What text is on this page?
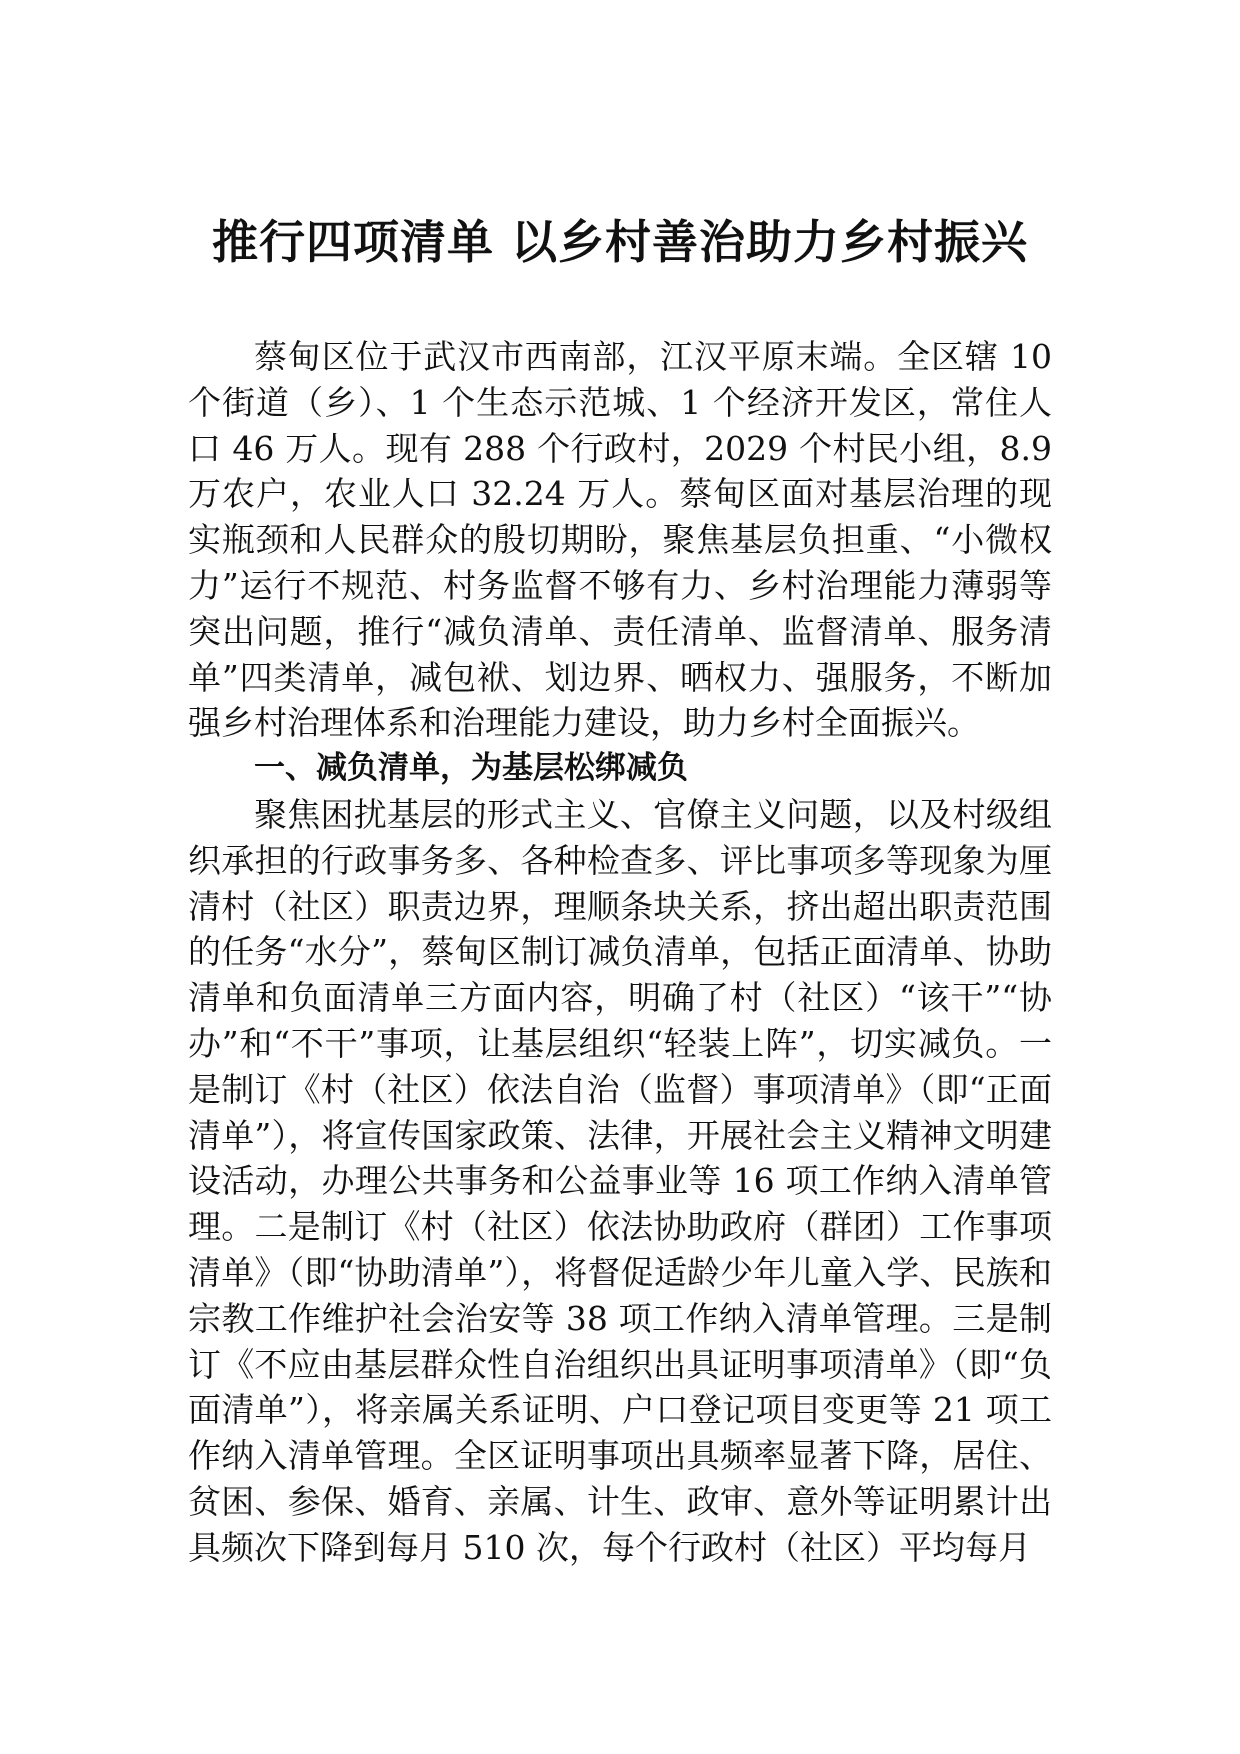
推行四项清单 以乡村善治助力乡村振兴

蔡甸区位于武汉市西南部，江汉平原末端。全区辖 10 个街道（乡）、1 个生态示范城、1 个经济开发区，常住人口 46 万人。现有 288 个行政村，2029 个村民小组，8.9 万农户，农业人口 32.24 万人。蔡甸区面对基层治理的现实瓶颈和人民群众的殷切期盼，聚焦基层负担重、“小微权力”运行不规范、村务监督不够有力、乡村治理能力薄弱等突出问题，推行“减负清单、责任清单、监督清单、服务清单”四类清单，减包袱、划边界、晒权力、强服务，不断加强乡村治理体系和治理能力建设，助力乡村全面振兴。

一、减负清单，为基层松绑减负

聚焦困扰基层的形式主义、官僚主义问题，以及村级组织承担的行政事务多、各种检查多、评比事项多等现象为厘清村（社区）职责边界，理顺条块关系，挤出超出职责范围的任务“水分”，蔡甸区制订减负清单，包括正面清单、协助清单和负面清单三方面内容，明确了村（社区）“该干”“协办”和“不干”事项，让基层组织“轻装上阵”，切实减负。一是制订《村（社区）依法自治（监督）事项清单》（即“正面清单”），将宣传国家政策、法律，开展社会主义精神文明建设活动，办理公共事务和公益事业等 16 项工作纳入清单管理。二是制订《村（社区）依法协助政府（群团）工作事项清单》（即“协助清单”），将督促适龄少年儿童入学、民族和宗教工作维护社会治安等 38 项工作纳入清单管理。三是制订《不应由基层群众性自治组织出具证明事项清单》（即“负面清单”），将亲属关系证明、户口登记项目变更等 21 项工作纳入清单管理。全区证明事项出具频率显著下降，居住、贫困、参保、婚育、亲属、计生、政审、意外等证明累计出具频次下降到每月 510 次，每个行政村（社区）平均每月
